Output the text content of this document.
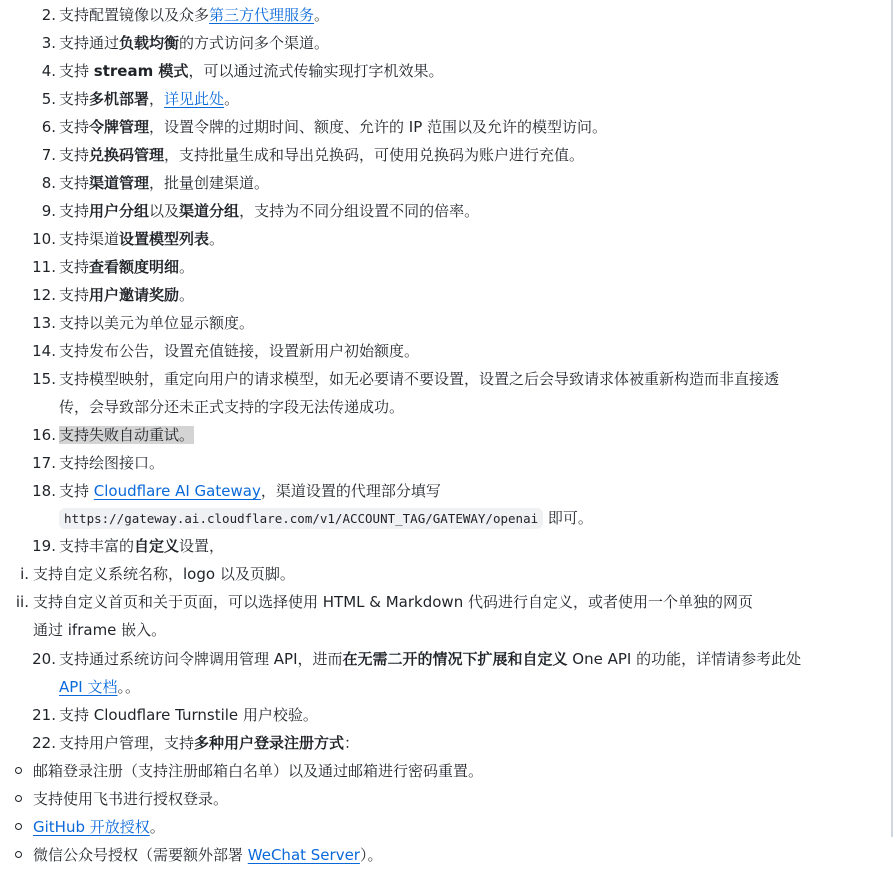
2. 支持配置镜像以及众多第三方代理服务。
3. 支持通过负载均衡的方式访问多个渠道。
4. 支持 stream 模式，可以通过流式传输实现打字机效果。
5. 支持多机部署，详见此处。
6. 支持令牌管理，设置令牌的过期时间、额度、允许的 IP 范围以及允许的模型访问。
7. 支持兑换码管理，支持批量生成和导出兑换码，可使用兑换码为账户进行充值。
8. 支持渠道管理，批量创建渠道。
9. 支持用户分组以及渠道分组，支持为不同分组设置不同的倍率。
10. 支持渠道设置模型列表。
11. 支持查看额度明细。
12. 支持用户邀请奖励。
13. 支持以美元为单位显示额度。
14. 支持发布公告，设置充值链接，设置新用户初始额度。
15. 支持模型映射，重定向用户的请求模型，如无必要请不要设置，设置之后会导致请求体被重新构造而非直接透
传，会导致部分还未正式支持的字段无法传递成功。
16. 支持失败自动重试。
17. 支持绘图接口。
18. 支持 Cloudflare AI Gateway，渠道设置的代理部分填写
https://gateway.ai.cloudflare.com/v1/ACCOUNT_TAG/GATEWAY/openai 即可。
19. 支持丰富的自定义设置，
i. 支持自定义系统名称，logo 以及页脚。
ii. 支持自定义首页和关于页面，可以选择使用 HTML & Markdown 代码进行自定义，或者使用一个单独的网页
通过 iframe 嵌入。
20. 支持通过系统访问令牌调用管理 API，进而在无需二开的情况下扩展和自定义 One API 的功能，详情请参考此处
API 文档。。
21. 支持 Cloudflare Turnstile 用户校验。
22. 支持用户管理，支持多种用户登录注册方式：
邮箱登录注册（支持注册邮箱白名单）以及通过邮箱进行密码重置。
支持使用飞书进行授权登录。
GitHub 开放授权。
微信公众号授权（需要额外部署 WeChat Server）。
